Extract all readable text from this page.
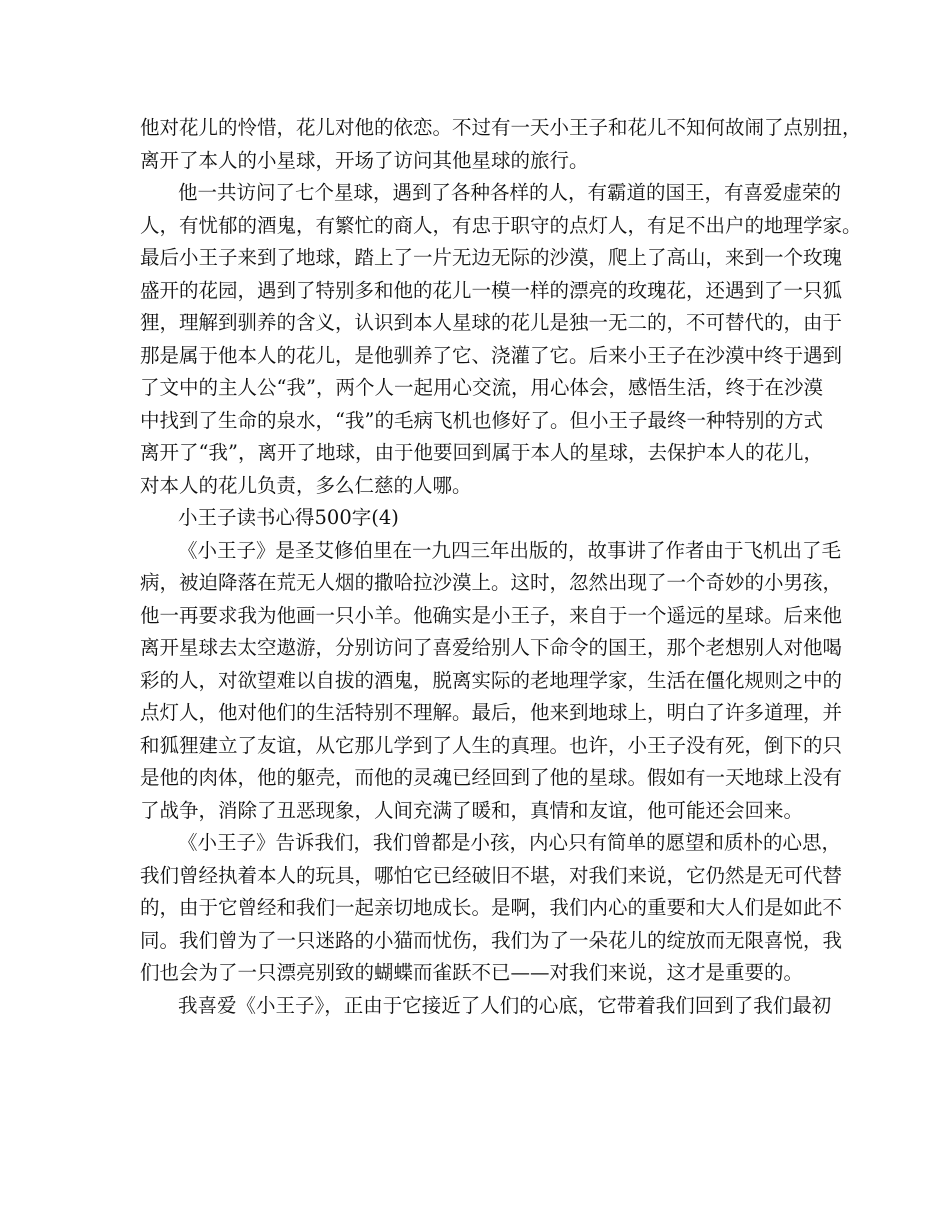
他对花儿的怜惜，花儿对他的依恋。不过有一天小王子和花儿不知何故闹了点别扭，
离开了本人的小星球，开场了访问其他星球的旅行。
他一共访问了七个星球，遇到了各种各样的人，有霸道的国王，有喜爱虚荣的
人，有忧郁的酒鬼，有繁忙的商人，有忠于职守的点灯人，有足不出户的地理学家。
最后小王子来到了地球，踏上了一片无边无际的沙漠，爬上了高山，来到一个玫瑰
盛开的花园，遇到了特别多和他的花儿一模一样的漂亮的玫瑰花，还遇到了一只狐
狸，理解到驯养的含义，认识到本人星球的花儿是独一无二的，不可替代的，由于
那是属于他本人的花儿，是他驯养了它、浇灌了它。后来小王子在沙漠中终于遇到
了文中的主人公“我”，两个人一起用心交流，用心体会，感悟生活，终于在沙漠
中找到了生命的泉水，“我”的毛病飞机也修好了。但小王子最终一种特别的方式
离开了“我”，离开了地球，由于他要回到属于本人的星球，去保护本人的花儿，
对本人的花儿负责，多么仁慈的人哪。
小王子读书心得500字(4)
《小王子》是圣艾修伯里在一九四三年出版的，故事讲了作者由于飞机出了毛
病，被迫降落在荒无人烟的撒哈拉沙漠上。这时，忽然出现了一个奇妙的小男孩，
他一再要求我为他画一只小羊。他确实是小王子，来自于一个遥远的星球。后来他
离开星球去太空遨游，分别访问了喜爱给别人下命令的国王，那个老想别人对他喝
彩的人，对欲望难以自拔的酒鬼，脱离实际的老地理学家，生活在僵化规则之中的
点灯人，他对他们的生活特别不理解。最后，他来到地球上，明白了许多道理，并
和狐狸建立了友谊，从它那儿学到了人生的真理。也许，小王子没有死，倒下的只
是他的肉体，他的躯壳，而他的灵魂已经回到了他的星球。假如有一天地球上没有
了战争，消除了丑恶现象，人间充满了暖和，真情和友谊，他可能还会回来。
《小王子》告诉我们，我们曾都是小孩，内心只有简单的愿望和质朴的心思，
我们曾经执着本人的玩具，哪怕它已经破旧不堪，对我们来说，它仍然是无可代替
的，由于它曾经和我们一起亲切地成长。是啊，我们内心的重要和大人们是如此不
同。我们曾为了一只迷路的小猫而忧伤，我们为了一朵花儿的绽放而无限喜悦，我
们也会为了一只漂亮别致的蝴蝶而雀跃不已——对我们来说，这才是重要的。
我喜爱《小王子》，正由于它接近了人们的心底，它带着我们回到了我们最初
